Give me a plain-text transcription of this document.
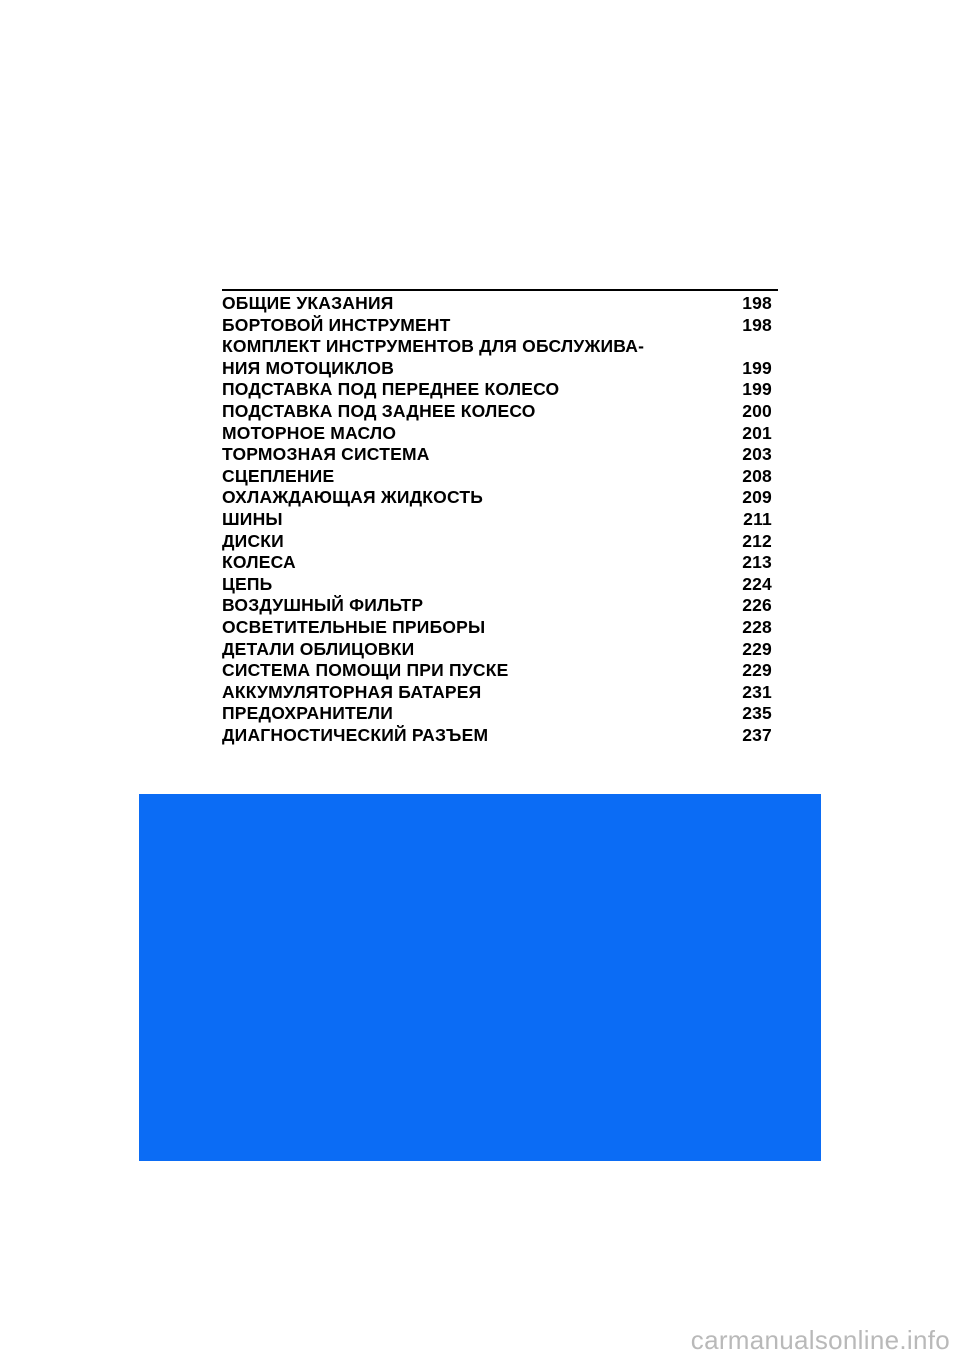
ОБЩИЕ УКАЗАНИЯ	198
БОРТОВОЙ ИНСТРУМЕНТ	198
КОМПЛЕКТ ИНСТРУМЕНТОВ ДЛЯ ОБСЛУЖИВА-
НИЯ МОТОЦИКЛОВ	199
ПОДСТАВКА ПОД ПЕРЕДНЕЕ КОЛЕСО	199
ПОДСТАВКА ПОД ЗАДНЕЕ КОЛЕСО	200
МОТОРНОЕ МАСЛО	201
ТОРМОЗНАЯ СИСТЕМА	203
СЦЕПЛЕНИЕ	208
ОХЛАЖДАЮЩАЯ ЖИДКОСТЬ	209
ШИНЫ	211
ДИСКИ	212
КОЛЕСА	213
ЦЕПЬ	224
ВОЗДУШНЫЙ ФИЛЬТР	226
ОСВЕТИТЕЛЬНЫЕ ПРИБОРЫ	228
ДЕТАЛИ ОБЛИЦОВКИ	229
СИСТЕМА ПОМОЩИ ПРИ ПУСКЕ	229
АККУМУЛЯТОРНАЯ БАТАРЕЯ	231
ПРЕДОХРАНИТЕЛИ	235
ДИАГНОСТИЧЕСКИЙ РАЗЪЕМ	237
carmanualsonline.info
